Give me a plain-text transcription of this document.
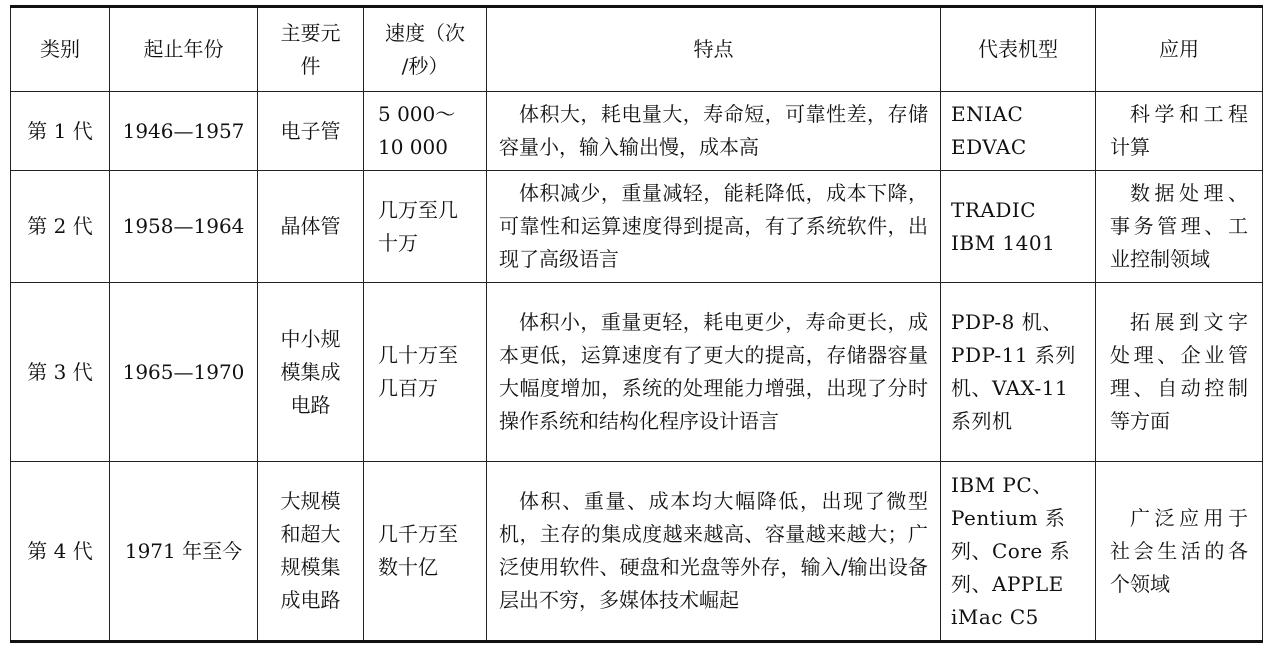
类别	起止年份	主要元件	速度（次 /秒）	特点	代表机型	应用
第 1 代	1946—1957	电子管	5 000～10 000	体积大，耗电量大，寿命短，可靠性差，存储容量小，输入输出慢，成本高	ENIAC EDVAC	科学和工程计算
第 2 代	1958—1964	晶体管	几万至几十万	体积减少，重量减轻，能耗降低，成本下降，可靠性和运算速度得到提高，有了系统软件，出现了高级语言	TRADIC IBM 1401	数据处理、事务管理、工业控制领域
第 3 代	1965—1970	中小规模集成电路	几十万至几百万	体积小，重量更轻，耗电更少，寿命更长，成本更低，运算速度有了更大的提高，存储器容量大幅度增加，系统的处理能力增强，出现了分时操作系统和结构化程序设计语言	PDP-8 机、PDP-11 系列机、VAX-11 系列机	拓展到文字处理、企业管理、自动控制等方面
第 4 代	1971 年至今	大规模和超大规模集成电路	几千万至数十亿	体积、重量、成本均大幅降低，出现了微型机，主存的集成度越来越高、容量越来越大；广泛使用软件、硬盘和光盘等外存，输入/输出设备层出不穷，多媒体技术崛起	IBM PC、Pentium 系列、Core 系列、APPLE iMac C5	广泛应用于社会生活的各个领域
